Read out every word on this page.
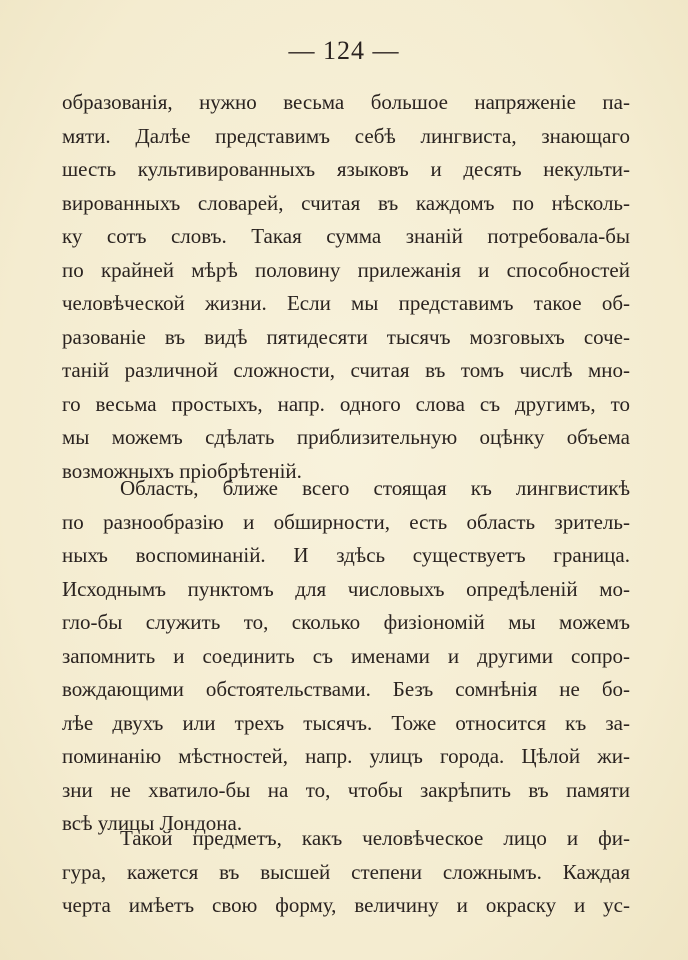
— 124 —
образованія, нужно весьма большое напряженіе па-
мяти. Далѣе представимъ себѣ лингвиста, знающаго
шесть культивированныхъ языковъ и десять некульти-
вированныхъ словарей, считая въ каждомъ по нѣсколь-
ку сотъ словъ. Такая сумма знаній потребовала-бы
по крайней мѣрѣ половину прилежанія и способностей
человѣческой жизни. Если мы представимъ такое об-
разованіе въ видѣ пятидесяти тысячъ мозговыхъ соче-
таній различной сложности, считая въ томъ числѣ мно-
го весьма простыхъ, напр. одного слова съ другимъ, то
мы можемъ сдѣлать приблизительную оцѣнку объема
возможныхъ пріобрѣтеній.
Область, ближе всего стоящая къ лингвистикѣ
по разнообразію и обширности, есть область зритель-
ныхъ воспоминаній. И здѣсь существуетъ граница.
Исходнымъ пунктомъ для числовыхъ опредѣленій мо-
гло-бы служить то, сколько физіономій мы можемъ
запомнить и соединить съ именами и другими сопро-
вождающими обстоятельствами. Безъ сомнѣнія не бо-
лѣе двухъ или трехъ тысячъ. Тоже относится къ за-
поминанію мѣстностей, напр. улицъ города. Цѣлой жи-
зни не хватило-бы на то, чтобы закрѣпить въ памяти
всѣ улицы Лондона.
Такой предметъ, какъ человѣческое лицо и фи-
гура, кажется въ высшей степени сложнымъ. Каждая
черта имѣетъ свою форму, величину и окраску и ус-
